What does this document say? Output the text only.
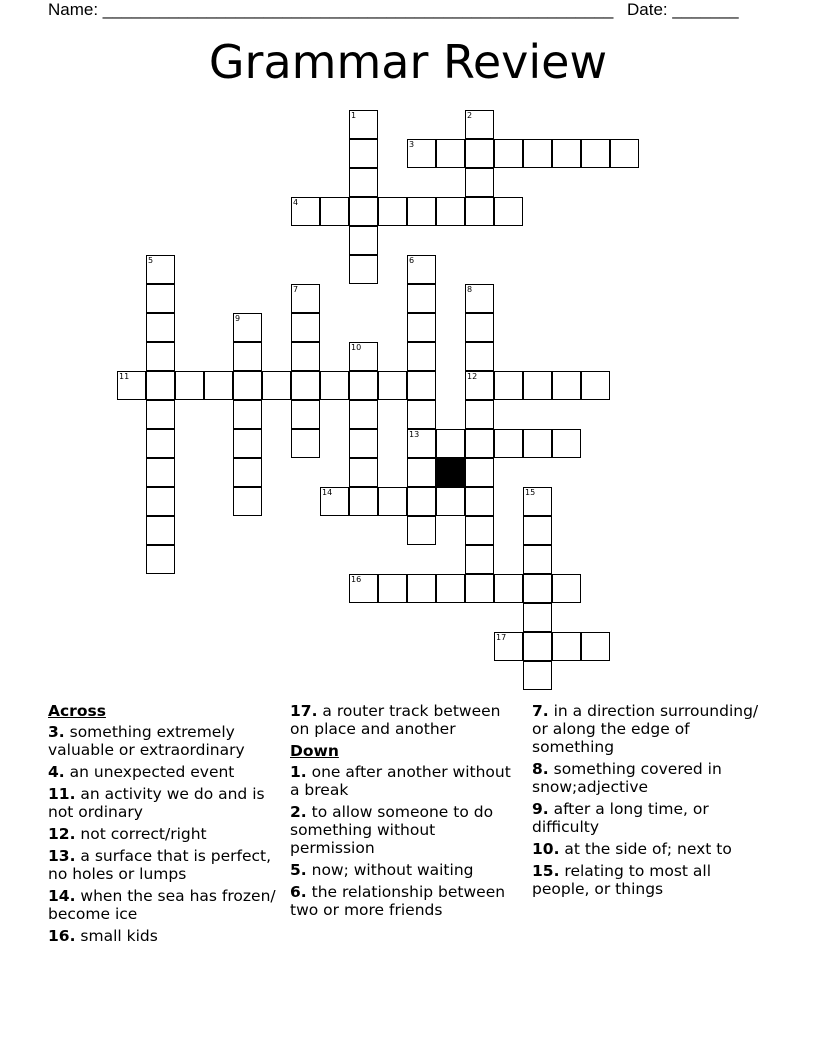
Name: ______________________________________________________ Date: _______
Grammar Review
1	2
3
4
5	6
13
7	8
12
9
10
11
14	15
16
17
Across
3. something extremely valuable or extraordinary
4. an unexpected event
11. an activity we do and is not ordinary
12. not correct/right
13. a surface that is perfect, no holes or lumps
14. when the sea has frozen/ become ice
16. small kids
17. a router track between on place and another
Down
1. one after another without a break
2. to allow someone to do something without permission
5. now; without waiting
6. the relationship between two or more friends
7. in a direction surrounding/ or along the edge of something
8. something covered in snow;adjective
9. after a long time, or difficulty
10. at the side of; next to
15. relating to most all people, or things
